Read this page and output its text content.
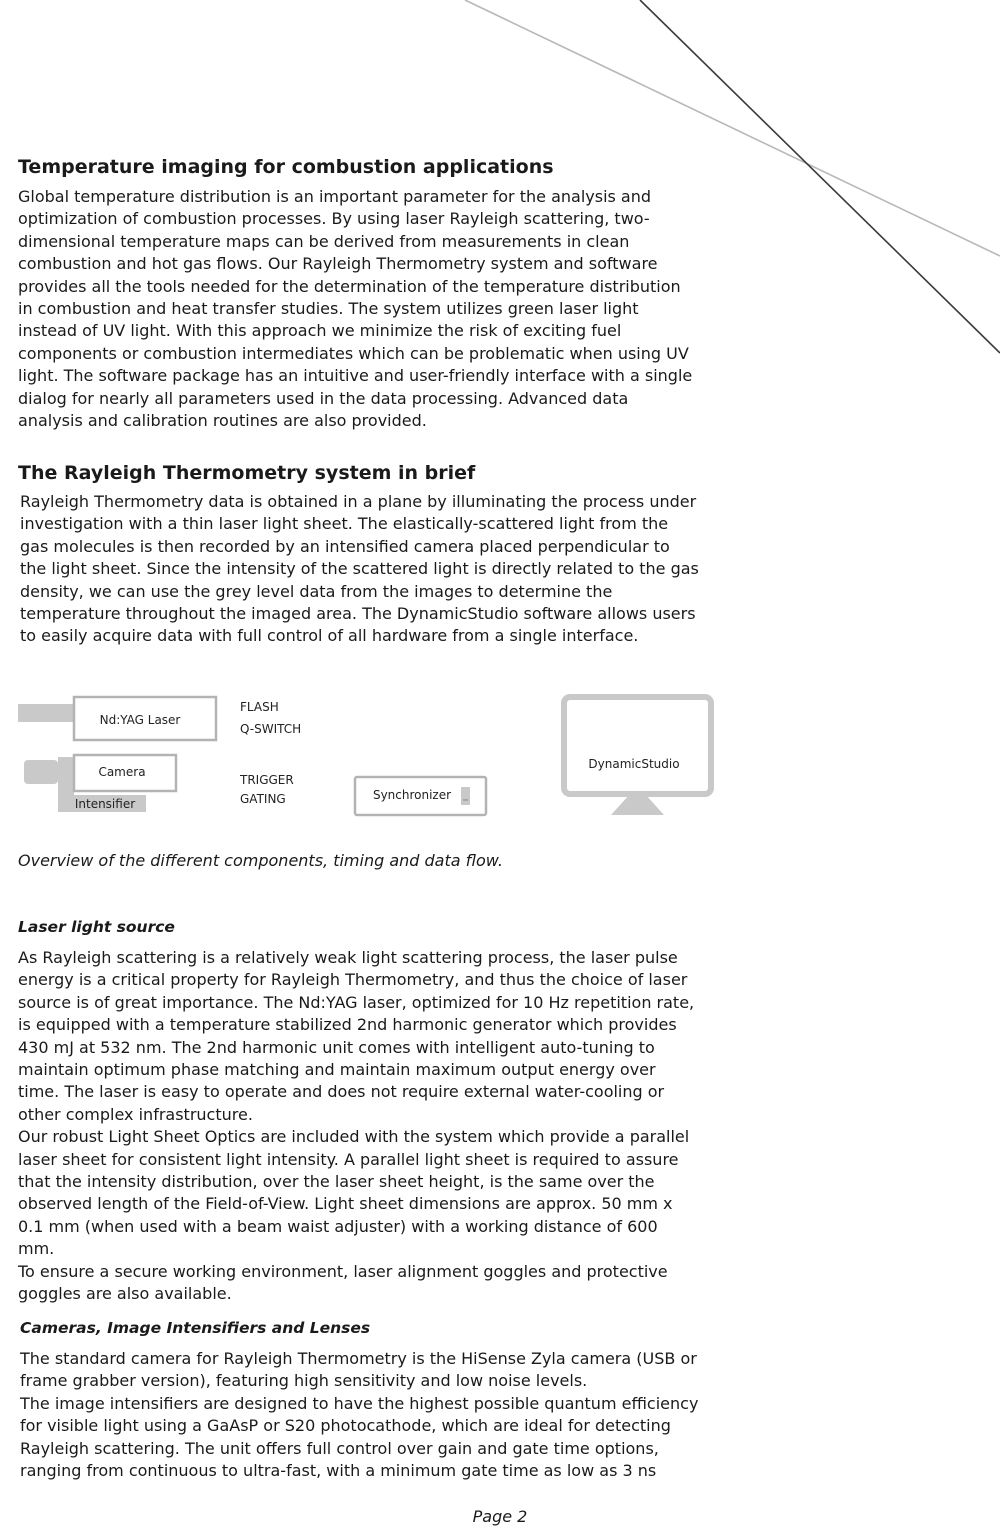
Temperature imaging for combustion applications

Global temperature distribution is an important parameter for the analysis and optimization of combustion processes. By using laser Rayleigh scattering, two-dimensional temperature maps can be derived from measurements in clean combustion and hot gas flows. Our Rayleigh Thermometry system and software provides all the tools needed for the determination of the temperature distribution in combustion and heat transfer studies. The system utilizes green laser light instead of UV light. With this approach we minimize the risk of exciting fuel components or combustion intermediates which can be problematic when using UV light. The software package has an intuitive and user-friendly interface with a single dialog for nearly all parameters used in the data processing. Advanced data analysis and calibration routines are also provided.

The Rayleigh Thermometry system in brief

Rayleigh Thermometry data is obtained in a plane by illuminating the process under investigation with a thin laser light sheet. The elastically-scattered light from the gas molecules is then recorded by an intensified camera placed perpendicular to the light sheet. Since the intensity of the scattered light is directly related to the gas density, we can use the grey level data from the images to determine the temperature throughout the imaged area. The DynamicStudio software allows users to easily acquire data with full control of all hardware from a single interface.

Nd:YAG Laser
Camera
Intensifier
FLASH
Q-SWITCH
TRIGGER
GATING	Synchronizer
DynamicStudio
Overview of the different components, timing and data flow.
Laser light source

As Rayleigh scattering is a relatively weak light scattering process, the laser pulse energy is a critical property for Rayleigh Thermometry, and thus the choice of laser source is of great importance. The Nd:YAG laser, optimized for 10 Hz repetition rate, is equipped with a temperature stabilized 2nd harmonic generator which provides 430 mJ at 532 nm. The 2nd harmonic unit comes with intelligent auto-tuning to maintain optimum phase matching and maintain maximum output energy over time. The laser is easy to operate and does not require external water-cooling or other complex infrastructure.

Our robust Light Sheet Optics are included with the system which provide a parallel laser sheet for consistent light intensity. A parallel light sheet is required to assure that the intensity distribution, over the laser sheet height, is the same over the observed length of the Field-of-View. Light sheet dimensions are approx. 50 mm x 0.1 mm (when used with a beam waist adjuster) with a working distance of 600 mm.

To ensure a secure working environment, laser alignment goggles and protective goggles are also available.

Cameras, Image Intensifiers and Lenses

The standard camera for Rayleigh Thermometry is the HiSense Zyla camera (USB or frame grabber version), featuring high sensitivity and low noise levels.

The image intensifiers are designed to have the highest possible quantum efficiency for visible light using a GaAsP or S20 photocathode, which are ideal for detecting Rayleigh scattering. The unit offers full control over gain and gate time options, ranging from continuous to ultra-fast, with a minimum gate time as low as 3 ns

Page 2
